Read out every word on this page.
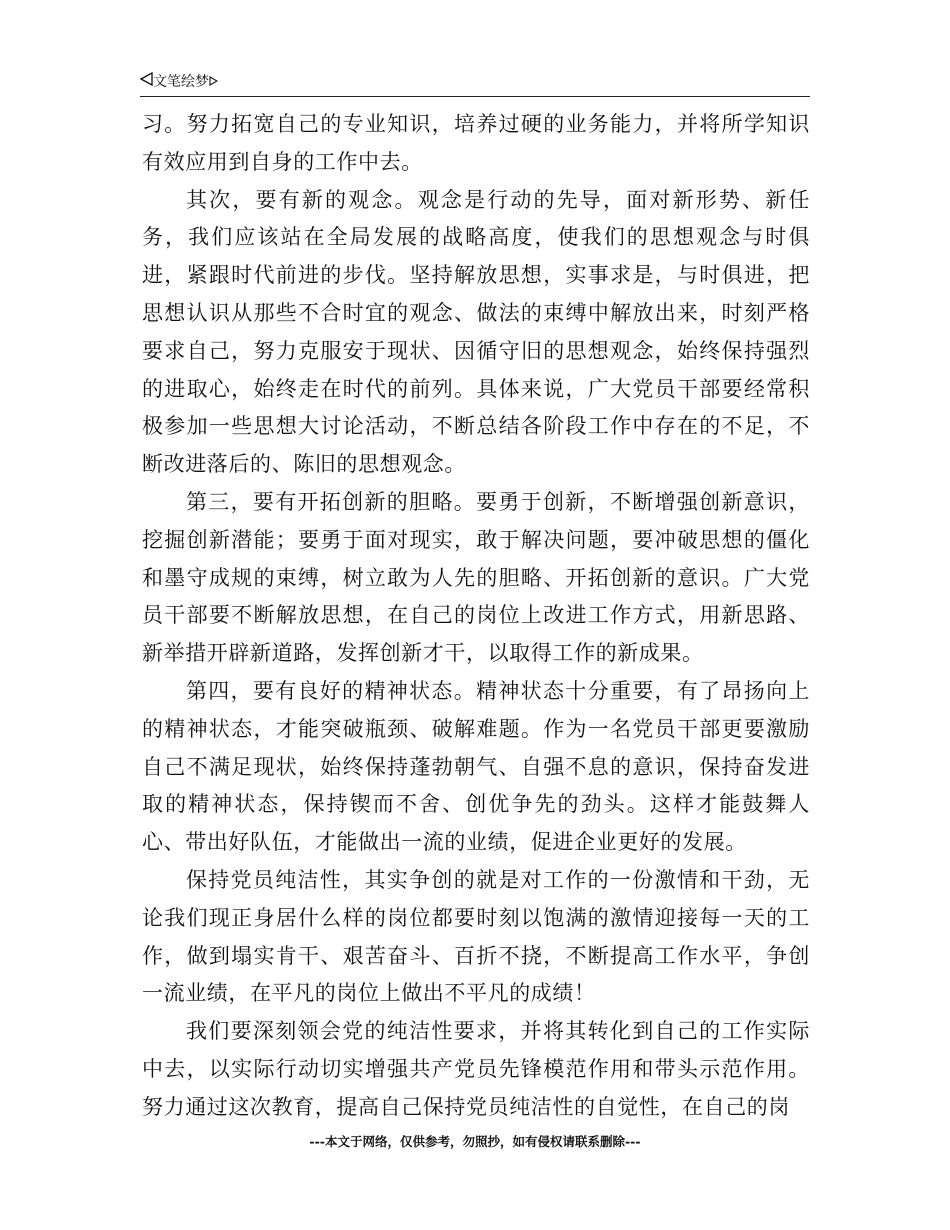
文笔绘梦

习。努力拓宽自己的专业知识，培养过硬的业务能力，并将所学知识有效应用到自身的工作中去。

其次，要有新的观念。观念是行动的先导，面对新形势、新任务，我们应该站在全局发展的战略高度，使我们的思想观念与时俱进，紧跟时代前进的步伐。坚持解放思想，实事求是，与时俱进，把思想认识从那些不合时宜的观念、做法的束缚中解放出来，时刻严格要求自己，努力克服安于现状、因循守旧的思想观念，始终保持强烈的进取心，始终走在时代的前列。具体来说，广大党员干部要经常积极参加一些思想大讨论活动，不断总结各阶段工作中存在的不足，不断改进落后的、陈旧的思想观念。

第三，要有开拓创新的胆略。要勇于创新，不断增强创新意识，挖掘创新潜能；要勇于面对现实，敢于解决问题，要冲破思想的僵化和墨守成规的束缚，树立敢为人先的胆略、开拓创新的意识。广大党员干部要不断解放思想，在自己的岗位上改进工作方式，用新思路、新举措开辟新道路，发挥创新才干，以取得工作的新成果。

第四，要有良好的精神状态。精神状态十分重要，有了昂扬向上的精神状态，才能突破瓶颈、破解难题。作为一名党员干部更要激励自己不满足现状，始终保持蓬勃朝气、自强不息的意识，保持奋发进取的精神状态，保持锲而不舍、创优争先的劲头。这样才能鼓舞人心、带出好队伍，才能做出一流的业绩，促进企业更好的发展。

保持党员纯洁性，其实争创的就是对工作的一份激情和干劲，无论我们现正身居什么样的岗位都要时刻以饱满的激情迎接每一天的工作，做到塌实肯干、艰苦奋斗、百折不挠，不断提高工作水平，争创一流业绩，在平凡的岗位上做出不平凡的成绩！

我们要深刻领会党的纯洁性要求，并将其转化到自己的工作实际中去，以实际行动切实增强共产党员先锋模范作用和带头示范作用。努力通过这次教育，提高自己保持党员纯洁性的自觉性，在自己的岗

---本文于网络，仅供参考，勿照抄，如有侵权请联系删除---
